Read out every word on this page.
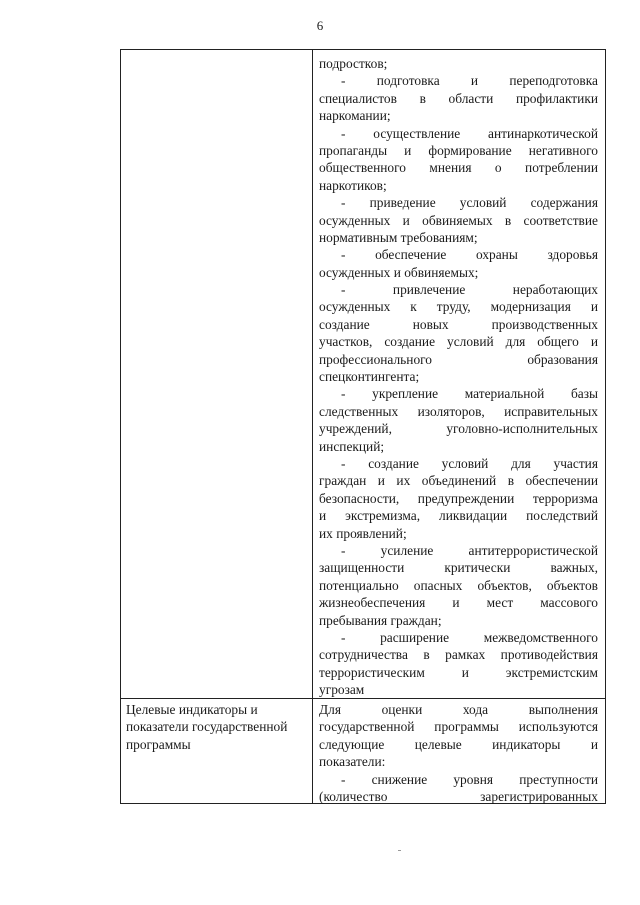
6
подростков;
- подготовка и переподготовка
специалистов в области профилактики
наркомании;
- осуществление антинаркотической
пропаганды и формирование негативного
общественного мнения о потреблении
наркотиков;
- приведение условий содержания
осужденных и обвиняемых в соответствие
нормативным требованиям;
- обеспечение охраны здоровья
осужденных и обвиняемых;
- привлечение неработающих
осужденных к труду, модернизация и
создание новых производственных
участков, создание условий для общего и
профессионального образования
спецконтингента;
- укрепление материальной базы
следственных изоляторов, исправительных
учреждений, уголовно-исполнительных
инспекций;
- создание условий для участия
граждан и их объединений в обеспечении
безопасности, предупреждении терроризма
и экстремизма, ликвидации последствий
их проявлений;
- усиление антитеррористической
защищенности критически важных,
потенциально опасных объектов, объектов
жизнеобеспечения и мест массового
пребывания граждан;
- расширение межведомственного
сотрудничества в рамках противодействия
террористическим и экстремистским
угрозам
Целевые индикаторы и
показатели государственной
программы
Для оценки хода выполнения
государственной программы используются
следующие целевые индикаторы и
показатели:
- снижение уровня преступности
(количество зарегистрированных
